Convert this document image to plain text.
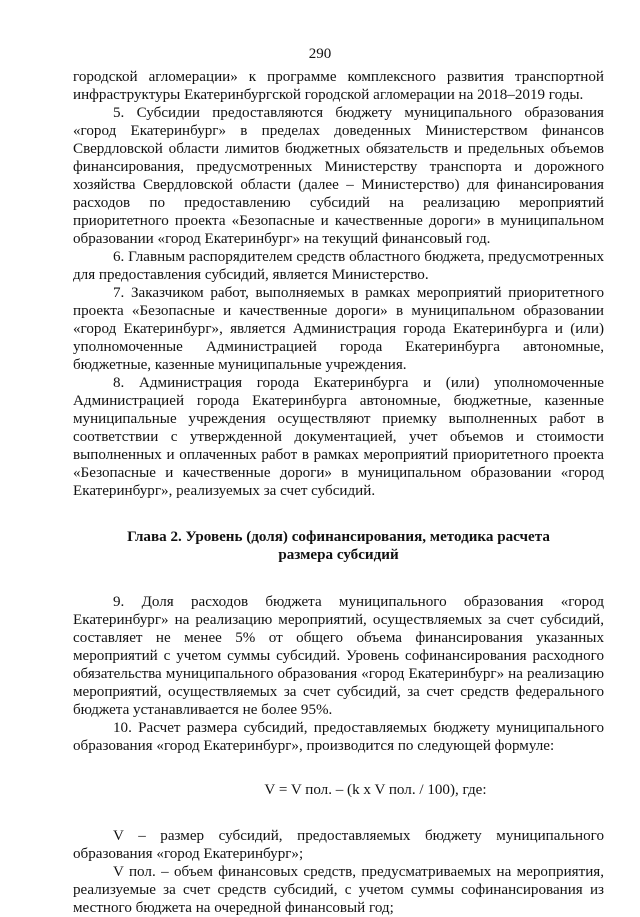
290

городской агломерации» к программе комплексного развития транспортной инфраструктуры Екатеринбургской городской агломерации на 2018–2019 годы.

5. Субсидии предоставляются бюджету муниципального образования «город Екатеринбург» в пределах доведенных Министерством финансов Свердловской области лимитов бюджетных обязательств и предельных объемов финансирования, предусмотренных Министерству транспорта и дорожного хозяйства Свердловской области (далее – Министерство) для финансирования расходов по предоставлению субсидий на реализацию мероприятий приоритетного проекта «Безопасные и качественные дороги» в муниципальном образовании «город Екатеринбург» на текущий финансовый год.

6. Главным распорядителем средств областного бюджета, предусмотренных для предоставления субсидий, является Министерство.

7. Заказчиком работ, выполняемых в рамках мероприятий приоритетного проекта «Безопасные и качественные дороги» в муниципальном образовании «город Екатеринбург», является Администрация города Екатеринбурга и (или) уполномоченные Администрацией города Екатеринбурга автономные, бюджетные, казенные муниципальные учреждения.

8. Администрация города Екатеринбурга и (или) уполномоченные Администрацией города Екатеринбурга автономные, бюджетные, казенные муниципальные учреждения осуществляют приемку выполненных работ в соответствии с утвержденной документацией, учет объемов и стоимости выполненных и оплаченных работ в рамках мероприятий приоритетного проекта «Безопасные и качественные дороги» в муниципальном образовании «город Екатеринбург», реализуемых за счет субсидий.

Глава 2. Уровень (доля) софинансирования, методика расчета
размера субсидий

9. Доля расходов бюджета муниципального образования «город Екатеринбург» на реализацию мероприятий, осуществляемых за счет субсидий, составляет не менее 5% от общего объема финансирования указанных мероприятий с учетом суммы субсидий. Уровень софинансирования расходного обязательства муниципального образования «город Екатеринбург» на реализацию мероприятий, осуществляемых за счет субсидий, за счет средств федерального бюджета устанавливается не более 95%.

10. Расчет размера субсидий, предоставляемых бюджету муниципального образования «город Екатеринбург», производится по следующей формуле:

V = V пол. – (k x V пол. / 100), где:

V – размер субсидий, предоставляемых бюджету муниципального образования «город Екатеринбург»;

V пол. – объем финансовых средств, предусматриваемых на мероприятия, реализуемые за счет средств субсидий, с учетом суммы софинансирования из местного бюджета на очередной финансовый год;
